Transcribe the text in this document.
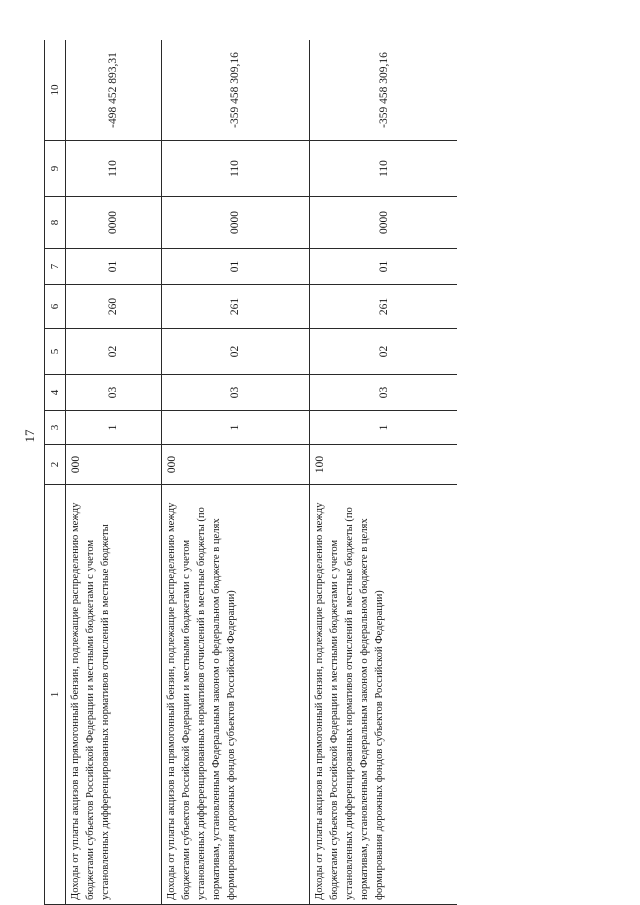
17
1	2	3	4	5	6	7	8	9	10
Доходы от уплаты акцизов на прямогонный бензин, подлежащие распределению между бюджетами субъектов Российской Федерации и местными бюджетами с учетом установленных дифференцированных нормативов отчислений в местные бюджеты	000	1	03	02	260	01	0000	110	-498 452 893,31
Доходы от уплаты акцизов на прямогонный бензин, подлежащие распределению между бюджетами субъектов Российской Федерации и местными бюджетами с учетом установленных дифференцированных нормативов отчислений в местные бюджеты (по нормативам, установленным Федеральным законом о федеральном бюджете в целях формирования дорожных фондов субъектов Российской Федерации)	000	1	03	02	261	01	0000	110	-359 458 309,16
Доходы от уплаты акцизов на прямогонный бензин, подлежащие распределению между бюджетами субъектов Российской Федерации и местными бюджетами с учетом установленных дифференцированных нормативов отчислений в местные бюджеты (по нормативам, установленным Федеральным законом о федеральном бюджете в целях формирования дорожных фондов субъектов Российской Федерации)	100	1	03	02	261	01	0000	110	-359 458 309,16
